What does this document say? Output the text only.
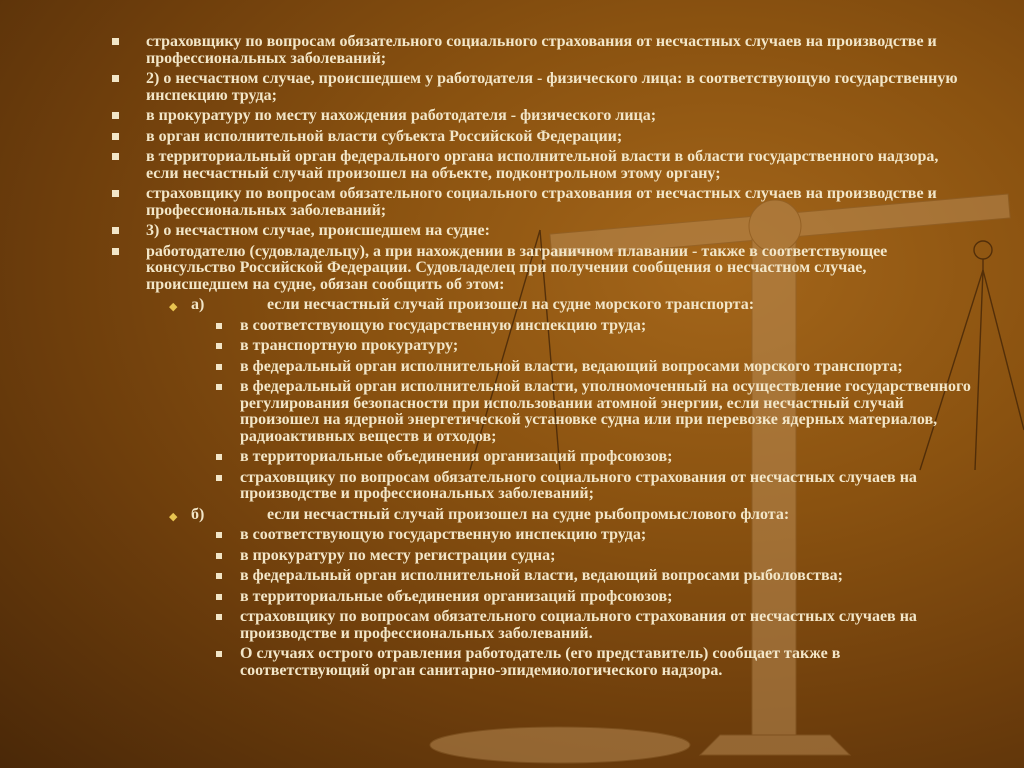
страховщику по вопросам обязательного социального страхования от несчастных случаев на производстве и профессиональных заболеваний;
2) о несчастном случае, происшедшем у работодателя - физического лица: в соответствующую государственную инспекцию труда;
в прокуратуру по месту нахождения работодателя - физического лица;
в орган исполнительной власти субъекта Российской Федерации;
в территориальный орган федерального органа исполнительной власти в области государственного надзора, если несчастный случай произошел на объекте, подконтрольном этому органу;
страховщику по вопросам обязательного социального страхования от несчастных случаев на производстве и профессиональных заболеваний;
3) о несчастном случае, происшедшем на судне:
работодателю (судовладельцу), а при нахождении в заграничном плавании - также в соответствующее консульство Российской Федерации. Судовладелец при получении сообщения о несчастном случае, происшедшем на судне, обязан сообщить об этом:
◆ а)	если несчастный случай произошел на судне морского транспорта:
в соответствующую государственную инспекцию труда;
в транспортную прокуратуру;
в федеральный орган исполнительной власти, ведающий вопросами морского транспорта;
в федеральный орган исполнительной власти, уполномоченный на осуществление государственного регулирования безопасности при использовании атомной энергии, если несчастный случай произошел на ядерной энергетической установке судна или при перевозке ядерных материалов, радиоактивных веществ и отходов;
в территориальные объединения организаций профсоюзов;
страховщику по вопросам обязательного социального страхования от несчастных случаев на производстве и профессиональных заболеваний;
◆ б)	если несчастный случай произошел на судне рыбопромыслового флота:
в соответствующую государственную инспекцию труда;
в прокуратуру по месту регистрации судна;
в федеральный орган исполнительной власти, ведающий вопросами рыболовства;
в территориальные объединения организаций профсоюзов;
страховщику по вопросам обязательного социального страхования от несчастных случаев на производстве и профессиональных заболеваний.
О случаях острого отравления работодатель (его представитель) сообщает также в соответствующий орган санитарно-эпидемиологического надзора.
